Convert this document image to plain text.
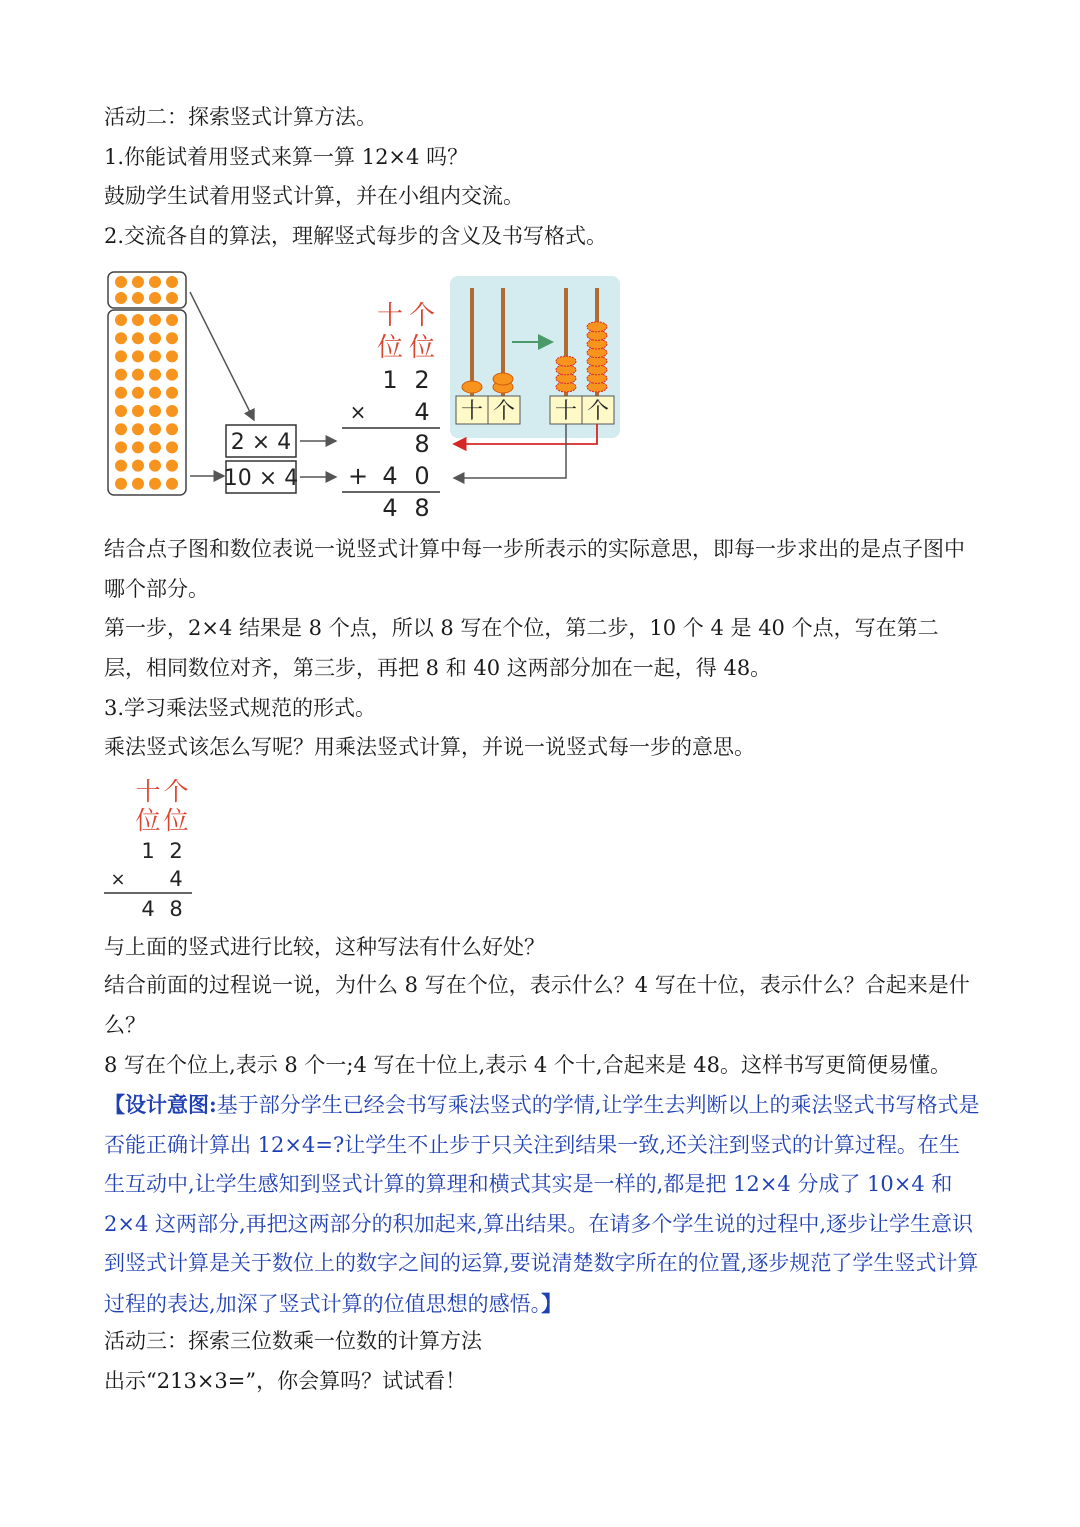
活动二：探索竖式计算方法。
1.你能试着用竖式来算一算 12×4 吗？
鼓励学生试着用竖式计算，并在小组内交流。
2.交流各自的算法，理解竖式每步的含义及书写格式。
2 × 4
10 × 4
十 个
位 位
1 2
× 4
8
+ 4 0
4 8
十 个 十 个
结合点子图和数位表说一说竖式计算中每一步所表示的实际意思，即每一步求出的是点子图中哪个部分。
第一步，2×4 结果是 8 个点，所以 8 写在个位，第二步，10 个 4 是 40 个点，写在第二层，相同数位对齐，第三步，再把 8 和 40 这两部分加在一起，得 48。
3.学习乘法竖式规范的形式。
乘法竖式该怎么写呢？用乘法竖式计算，并说一说竖式每一步的意思。
十 个
位 位
1 2
× 4
4 8
与上面的竖式进行比较，这种写法有什么好处？
结合前面的过程说一说，为什么 8 写在个位，表示什么？4 写在十位，表示什么？合起来是什么？
8 写在个位上,表示 8 个一;4 写在十位上,表示 4 个十,合起来是 48。这样书写更简便易懂。
【设计意图:基于部分学生已经会书写乘法竖式的学情,让学生去判断以上的乘法竖式书写格式是否能正确计算出 12×4=?让学生不止步于只关注到结果一致,还关注到竖式的计算过程。在生生互动中,让学生感知到竖式计算的算理和横式其实是一样的,都是把 12×4 分成了 10×4 和 2×4 这两部分,再把这两部分的积加起来,算出结果。在请多个学生说的过程中,逐步让学生意识到竖式计算是关于数位上的数字之间的运算,要说清楚数字所在的位置,逐步规范了学生竖式计算过程的表达,加深了竖式计算的位值思想的感悟。】
活动三：探索三位数乘一位数的计算方法
出示“213×3=”，你会算吗？试试看！
